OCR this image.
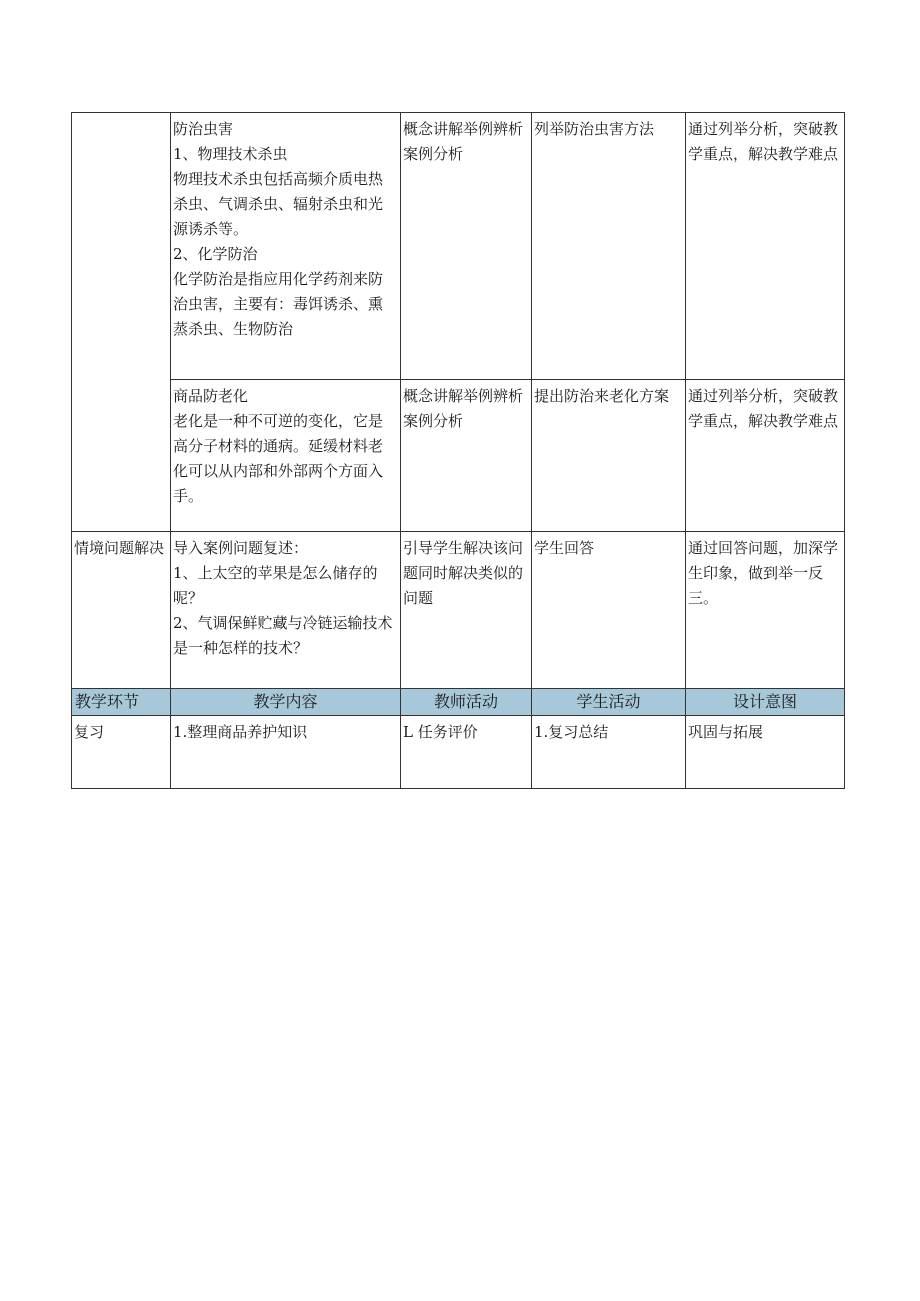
	防治虫害
1、物理技术杀虫
物理技术杀虫包括高频介质电热杀虫、气调杀虫、辐射杀虫和光源诱杀等。
2、化学防治
化学防治是指应用化学药剂来防治虫害，主要有：毒饵诱杀、熏蒸杀虫、生物防治	概念讲解举例辨析案例分析	列举防治虫害方法	通过列举分析，突破教学重点，解决教学难点
	商品防老化
老化是一种不可逆的变化，它是高分子材料的通病。延缓材料老化可以从内部和外部两个方面入手。	概念讲解举例辨析案例分析	提出防治来老化方案	通过列举分析，突破教学重点，解决教学难点
情境问题解决	导入案例问题复述：
1、上太空的苹果是怎么储存的呢？
2、气调保鲜贮藏与冷链运输技术是一种怎样的技术？	引导学生解决该问题同时解决类似的问题	学生回答	通过回答问题，加深学生印象，做到举一反三。
教学环节	教学内容	教师活动	学生活动	设计意图
复习	1.整理商品养护知识	L 任务评价	1.复习总结	巩固与拓展
